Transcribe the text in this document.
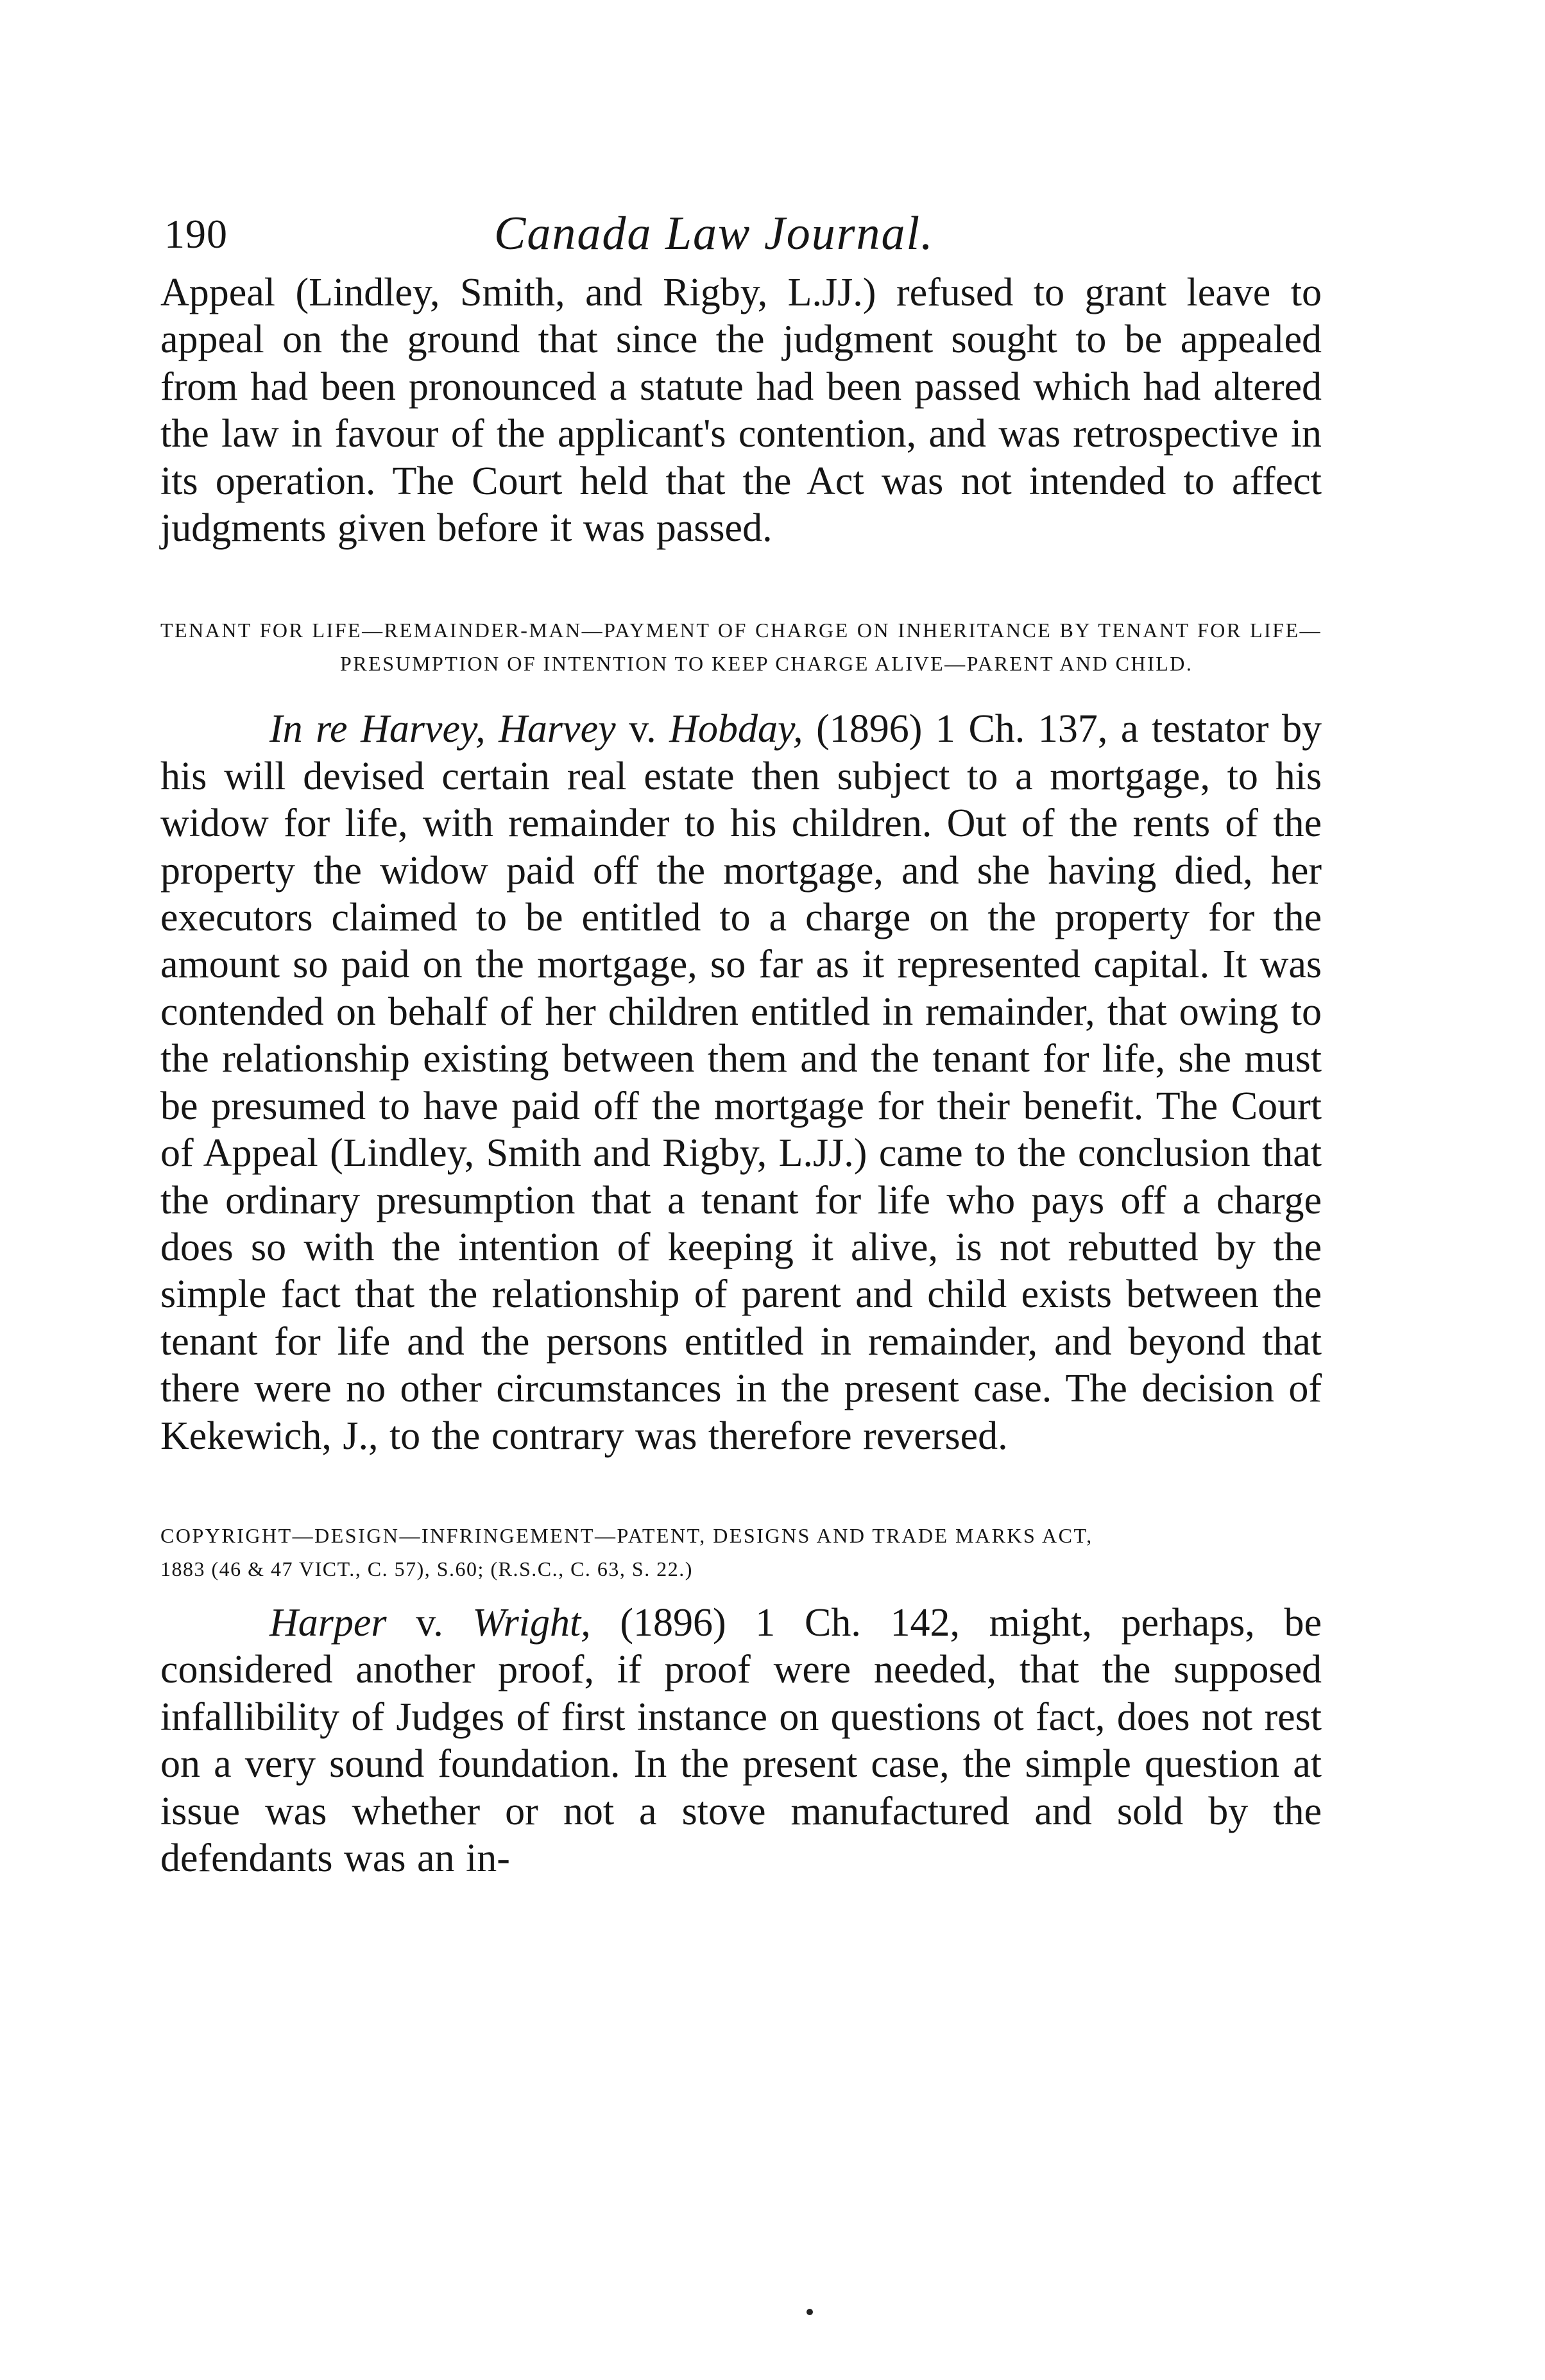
190	Canada Law Journal.

Appeal (Lindley, Smith, and Rigby, L.JJ.) refused to grant leave to appeal on the ground that since the judgment sought to be appealed from had been pronounced a statute had been passed which had altered the law in favour of the applicant's contention, and was retrospective in its operation. The Court held that the Act was not intended to affect judgments given before it was passed.

TENANT FOR LIFE—REMAINDER-MAN—PAYMENT OF CHARGE ON INHERITANCE BY TENANT FOR LIFE—PRESUMPTION OF INTENTION TO KEEP CHARGE ALIVE—PARENT AND CHILD.

In re Harvey, Harvey v. Hobday, (1896) 1 Ch. 137, a testator by his will devised certain real estate then subject to a mortgage, to his widow for life, with remainder to his children. Out of the rents of the property the widow paid off the mortgage, and she having died, her executors claimed to be entitled to a charge on the property for the amount so paid on the mortgage, so far as it represented capital. It was contended on behalf of her children entitled in remainder, that owing to the relationship existing between them and the tenant for life, she must be presumed to have paid off the mortgage for their benefit. The Court of Appeal (Lindley, Smith and Rigby, L.JJ.) came to the conclusion that the ordinary presumption that a tenant for life who pays off a charge does so with the intention of keeping it alive, is not rebutted by the simple fact that the relationship of parent and child exists between the tenant for life and the persons entitled in remainder, and beyond that there were no other circumstances in the present case. The decision of Kekewich, J., to the contrary was therefore reversed.

COPYRIGHT—DESIGN—INFRINGEMENT—PATENT, DESIGNS AND TRADE MARKS ACT,
1883 (46 & 47 VICT., C. 57), S.60; (R.S.C., C. 63, S. 22.)

Harper v. Wright, (1896) 1 Ch. 142, might, perhaps, be considered another proof, if proof were needed, that the supposed infallibility of Judges of first instance on questions ot fact, does not rest on a very sound foundation. In the present case, the simple question at issue was whether or not a stove manufactured and sold by the defendants was an in-
